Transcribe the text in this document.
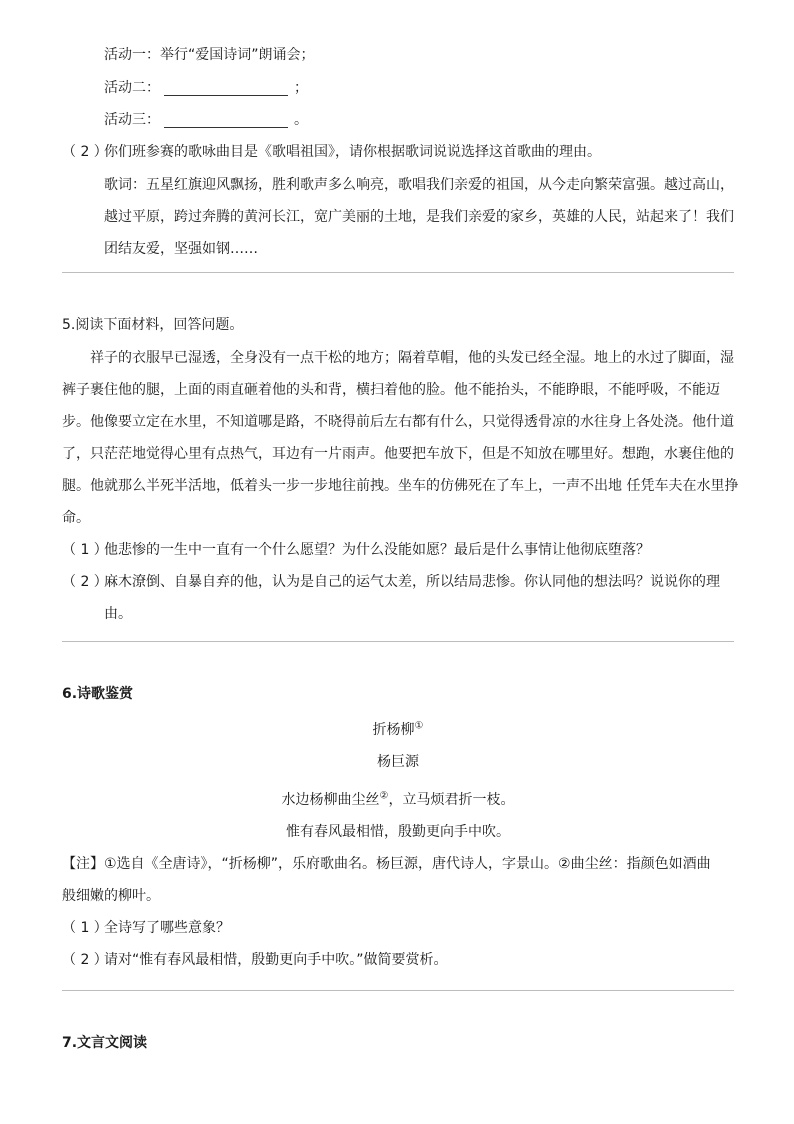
活动一：举行“爱国诗词”朗诵会；
活动二：	；
活动三：	。
（ 2 ）你们班参赛的歌咏曲目是《歌唱祖国》，请你根据歌词说说选择这首歌曲的理由。
歌词：五星红旗迎风飘扬，胜利歌声多么响亮，歌唱我们亲爱的祖国，从今走向繁荣富强。越过高山，
越过平原，跨过奔腾的黄河长江，宽广美丽的土地，是我们亲爱的家乡，英雄的人民，站起来了！我们
团结友爱，坚强如钢……
5.阅读下面材料，回答问题。
祥子的衣服早已湿透，全身没有一点干松的地方；隔着草帽，他的头发已经全湿。地上的水过了脚面，湿
裤子裹住他的腿，上面的雨直砸着他的头和背，横扫着他的脸。他不能抬头，不能睁眼，不能呼吸，不能迈
步。他像要立定在水里，不知道哪是路，不晓得前后左右都有什么，只觉得透骨凉的水往身上各处浇。他什道
了，只茫茫地觉得心里有点热气，耳边有一片雨声。他要把车放下，但是不知放在哪里好。想跑，水裹住他的
腿。他就那么半死半活地，低着头一步一步地往前拽。坐车的仿佛死在了车上，一声不出地 任凭车夫在水里挣
命。
（ 1 ）他悲惨的一生中一直有一个什么愿望？为什么没能如愿？最后是什么事情让他彻底堕落？
（ 2 ）麻木潦倒、自暴自弃的他，认为是自己的运气太差，所以结局悲惨。你认同他的想法吗？说说你的理
由。
6.诗歌鉴赏
折杨柳①
杨巨源
水边杨柳曲尘丝②，立马烦君折一枝。
惟有春风最相惜，殷勤更向手中吹。
【注】①选自《全唐诗》，“折杨柳”，乐府歌曲名。杨巨源，唐代诗人，字景山。②曲尘丝：指颜色如酒曲
般细嫩的柳叶。
（ 1 ）全诗写了哪些意象？
（ 2 ）请对“惟有春风最相惜，殷勤更向手中吹。”做简要赏析。
7.文言文阅读
